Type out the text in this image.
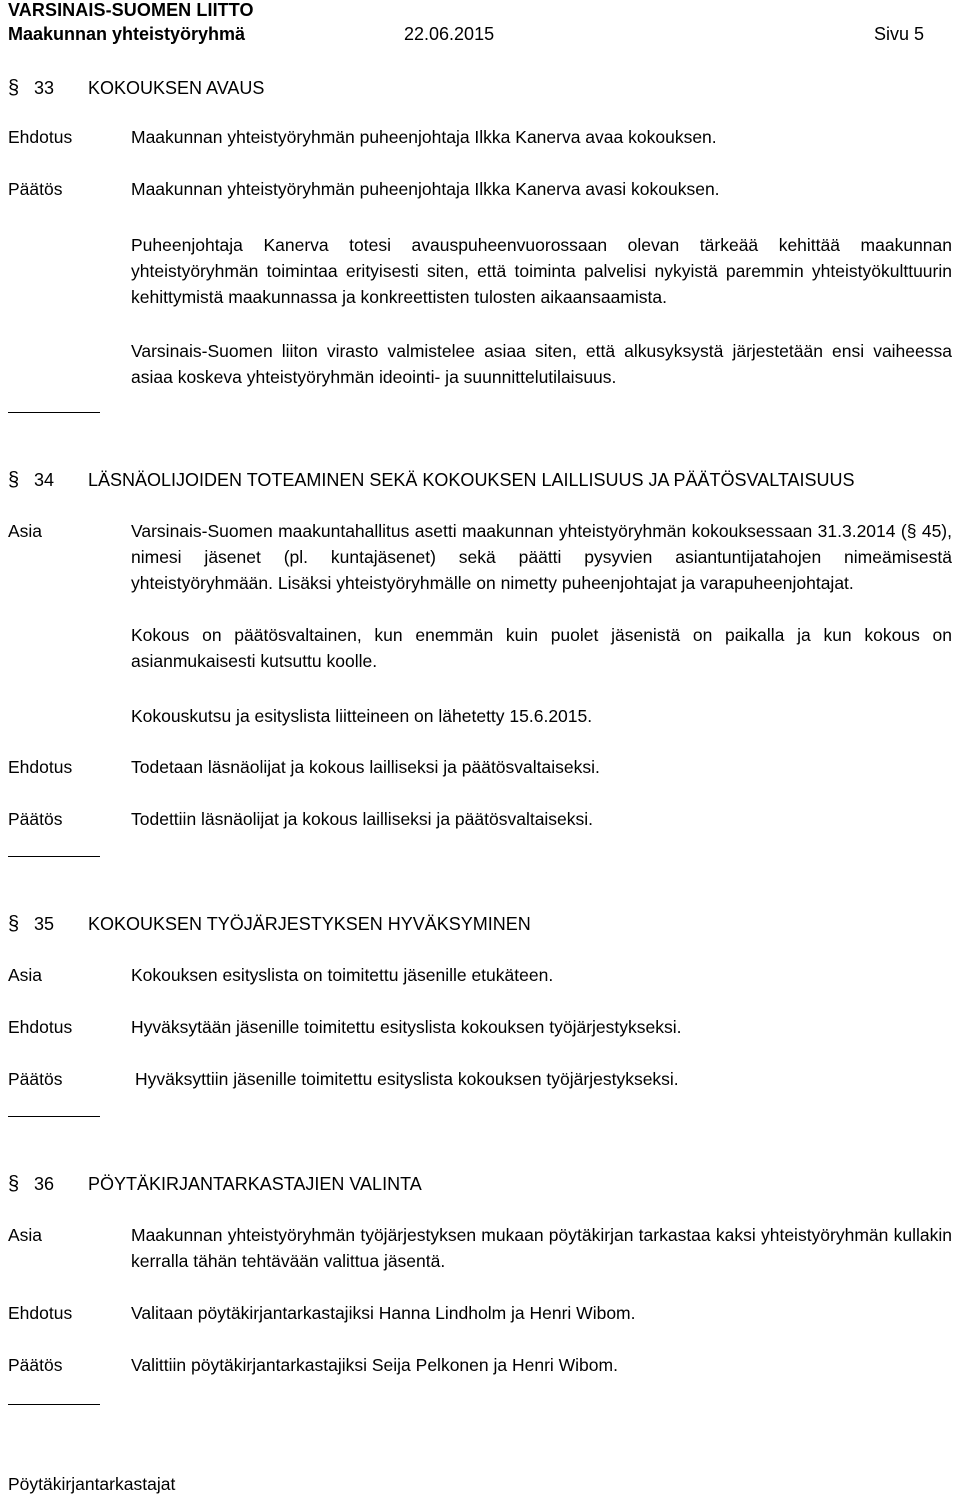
VARSINAIS-SUOMEN LIITTO
Maakunnan yhteistyöryhmä	22.06.2015	Sivu 5
§ 33 KOKOUKSEN AVAUS
Ehdotus	Maakunnan yhteistyöryhmän puheenjohtaja Ilkka Kanerva avaa kokouksen.
Päätös	Maakunnan yhteistyöryhmän puheenjohtaja Ilkka Kanerva avasi kokouksen.
Puheenjohtaja Kanerva totesi avauspuheenvuorossaan olevan tärkeää kehittää maakunnan yhteistyöryhmän toimintaa erityisesti siten, että toiminta palvelisi nykyistä paremmin yhteistyökulttuurin kehittymistä maakunnassa ja konkreettisten tulosten aikaansaamista.
Varsinais-Suomen liiton virasto valmistelee asiaa siten, että alkusyksystä järjestetään ensi vaiheessa asiaa koskeva yhteistyöryhmän ideointi- ja suunnittelutilaisuus.
§ 34 LÄSNÄOLIJOIDEN TOTEAMINEN SEKÄ KOKOUKSEN LAILLISUUS JA PÄÄTÖSVALTAISUUS
Asia	Varsinais-Suomen maakuntahallitus asetti maakunnan yhteistyöryhmän kokouksessaan 31.3.2014 (§ 45), nimesi jäsenet (pl. kuntajäsenet) sekä päätti pysyvien asiantuntijatahojen nimeämisestä yhteistyöryhmään. Lisäksi yhteistyöryhmälle on nimetty puheenjohtajat ja varapuheenjohtajat.
Kokous on päätösvaltainen, kun enemmän kuin puolet jäsenistä on paikalla ja kun kokous on asianmukaisesti kutsuttu koolle.
Kokouskutsu ja esityslista liitteineen on lähetetty 15.6.2015.
Ehdotus	Todetaan läsnäolijat ja kokous lailliseksi ja päätösvaltaiseksi.
Päätös	Todettiin läsnäolijat ja kokous lailliseksi ja päätösvaltaiseksi.
§ 35 KOKOUKSEN TYÖJÄRJESTYKSEN HYVÄKSYMINEN
Asia	Kokouksen esityslista on toimitettu jäsenille etukäteen.
Ehdotus	Hyväksytään jäsenille toimitettu esityslista kokouksen työjärjestykseksi.
Päätös	Hyväksyttiin jäsenille toimitettu esityslista kokouksen työjärjestykseksi.
§ 36 PÖYTÄKIRJANTARKASTAJIEN VALINTA
Asia	Maakunnan yhteistyöryhmän työjärjestyksen mukaan pöytäkirjan tarkastaa kaksi yhteistyöryhmän kullakin kerralla tähän tehtävään valittua jäsentä.
Ehdotus	Valitaan pöytäkirjantarkastajiksi Hanna Lindholm ja Henri Wibom.
Päätös	Valittiin pöytäkirjantarkastajiksi Seija Pelkonen ja Henri Wibom.
Pöytäkirjantarkastajat
